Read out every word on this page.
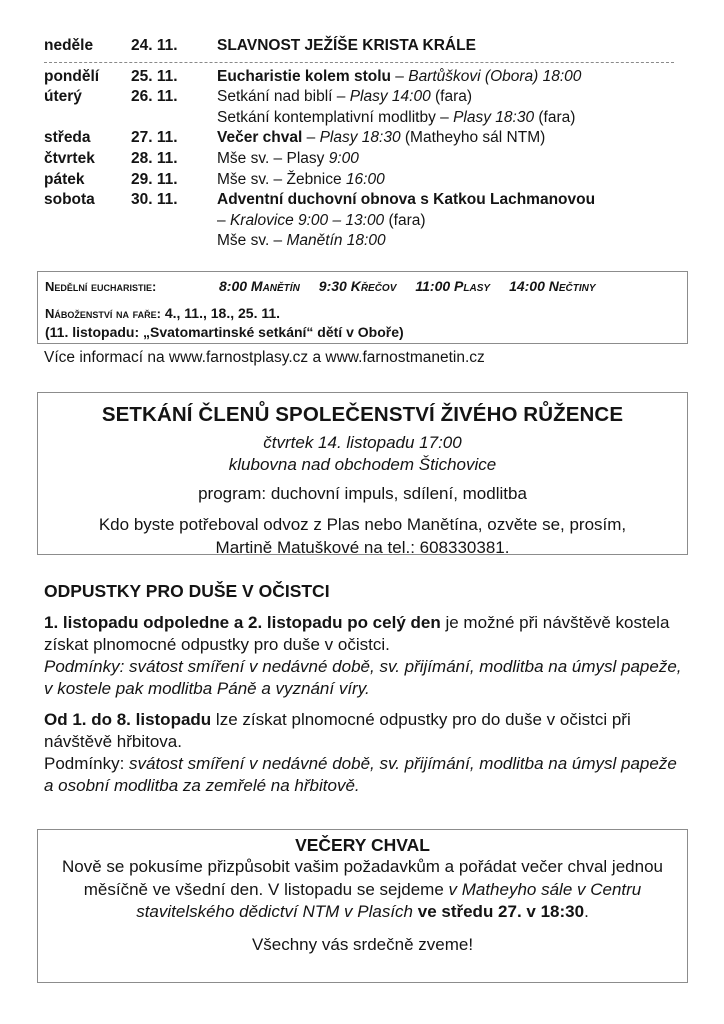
neděle	24. 11.	SLAVNOST JEŽÍŠE KRISTA KRÁLE
pondělí	25. 11.	Eucharistie kolem stolu – Bartůškovi (Obora) 18:00
úterý	26. 11.	Setkání nad biblí – Plasy 14:00 (fara)
Setkání kontemplativní modlitby – Plasy 18:30 (fara)
středa	27. 11.	Večer chval – Plasy 18:30 (Matheyho sál NTM)
čtvrtek	28. 11.	Mše sv. – Plasy 9:00
pátek	29. 11.	Mše sv. – Žebnice 16:00
sobota	30. 11.	Adventní duchovní obnova s Katkou Lachmanovou
– Kralovice 9:00 – 13:00 (fara)
Mše sv. – Manětín 18:00
Nedělní eucharistie:	8:00 Manětín 9:30 Křečov 11:00 Plasy 14:00 Nečtiny
Náboženství na faře: 4., 11., 18., 25. 11.
(11. listopadu: „Svatomartinské setkání“ dětí v Oboře)
Více informací na www.farnostplasy.cz a www.farnostmanetin.cz
SETKÁNÍ ČLENŮ SPOLEČENSTVÍ ŽIVÉHO RŮŽENCE
čtvrtek 14. listopadu 17:00
klubovna nad obchodem Štichovice
program: duchovní impuls, sdílení, modlitba
Kdo byste potřeboval odvoz z Plas nebo Manětína, ozvěte se, prosím,
Martině Matuškové na tel.: 608330381.
ODPUSTKY PRO DUŠE V OČISTCI

1. listopadu odpoledne a 2. listopadu po celý den je možné při návštěvě kostela získat plnomocné odpustky pro duše v očistci.
Podmínky: svátost smíření v nedávné době, sv. přijímání, modlitba na úmysl papeže, v kostele pak modlitba Páně a vyznání víry.

Od 1. do 8. listopadu lze získat plnomocné odpustky pro do duše v očistci při návštěvě hřbitova.
Podmínky: svátost smíření v nedávné době, sv. přijímání, modlitba na úmysl papeže a osobní modlitba za zemřelé na hřbitově.

VEČERY CHVAL
Nově se pokusíme přizpůsobit vašim požadavkům a pořádat večer chval jednou měsíčně ve všední den. V listopadu se sejdeme v Matheyho sále v Centru stavitelského dědictví NTM v Plasích ve středu 27. v 18:30.
Všechny vás srdečně zveme!
